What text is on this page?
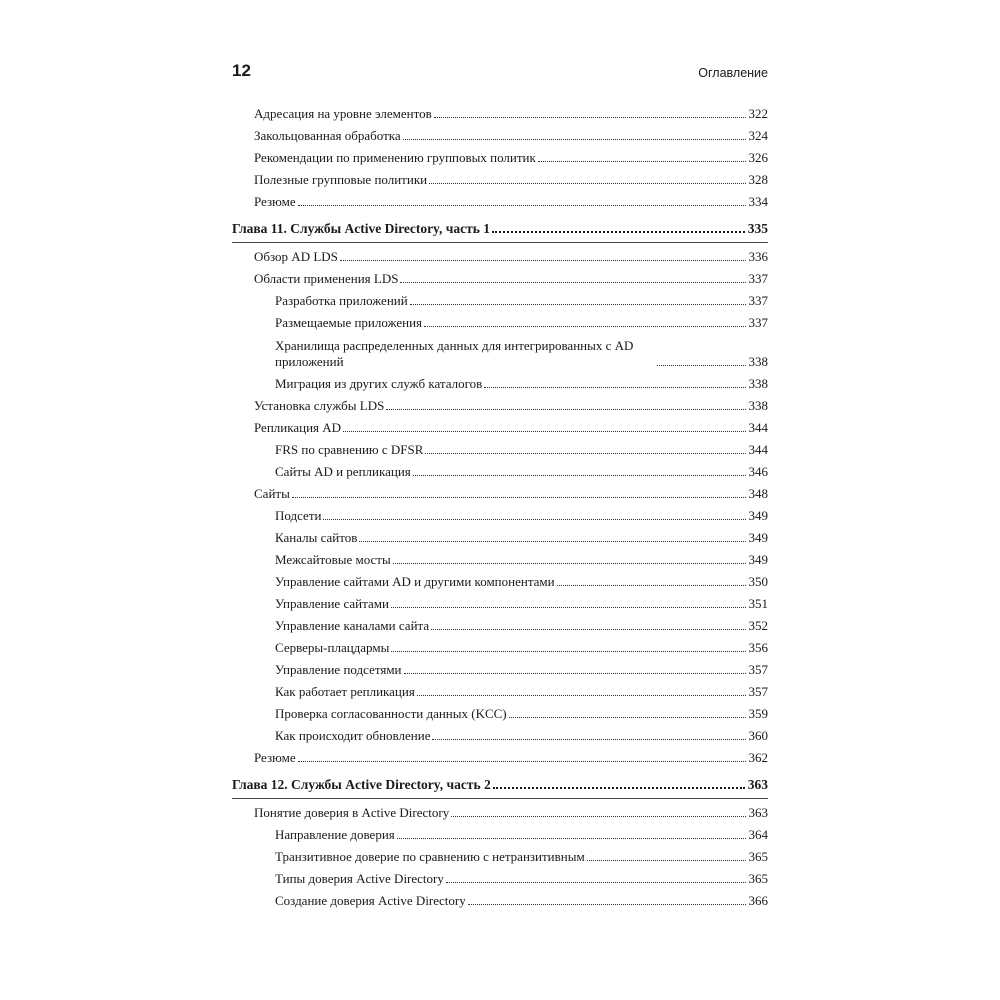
12	Оглавление
Адресация на уровне элементов	322
Закольцованная обработка	324
Рекомендации по применению групповых политик	326
Полезные групповые политики	328
Резюме	334
Глава 11. Службы Active Directory, часть 1	335
Обзор AD LDS	336
Области применения LDS	337
Разработка приложений	337
Размещаемые приложения	337
Хранилища распределенных данных для интегрированных с AD приложений	338
Миграция из других служб каталогов	338
Установка службы LDS	338
Репликация AD	344
FRS по сравнению с DFSR	344
Сайты AD и репликация	346
Сайты	348
Подсети	349
Каналы сайтов	349
Межсайтовые мосты	349
Управление сайтами AD и другими компонентами	350
Управление сайтами	351
Управление каналами сайта	352
Серверы-плацдармы	356
Управление подсетями	357
Как работает репликация	357
Проверка согласованности данных (KCC)	359
Как происходит обновление	360
Резюме	362
Глава 12. Службы Active Directory, часть 2	363
Понятие доверия в Active Directory	363
Направление доверия	364
Транзитивное доверие по сравнению с нетранзитивным	365
Типы доверия Active Directory	365
Создание доверия Active Directory	366
